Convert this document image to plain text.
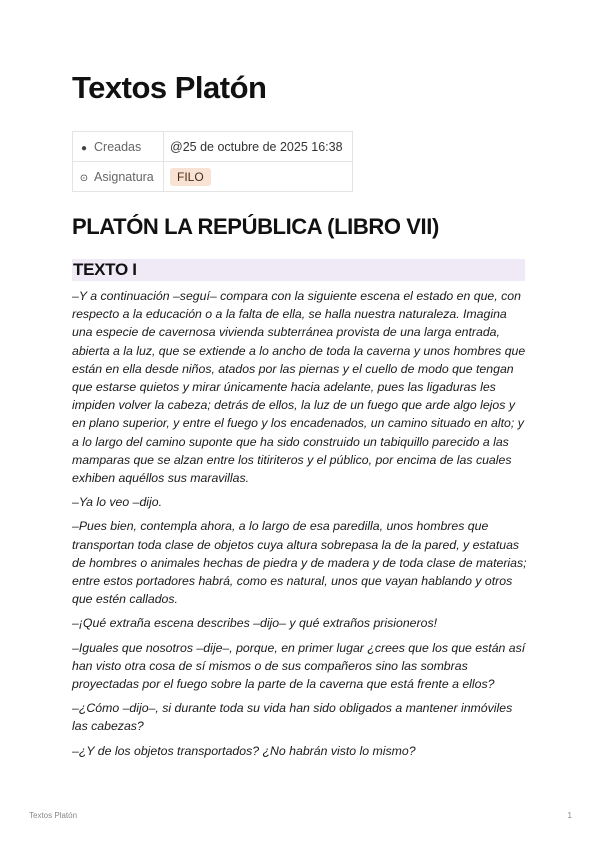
Textos Platón
● Creadas	@25 de octubre de 2025 16:38
⊙ Asignatura	FILO
PLATÓN LA REPÚBLICA (LIBRO VII)
TEXTO I

–Y a continuación –seguí– compara con la siguiente escena el estado en que, con respecto a la educación o a la falta de ella, se halla nuestra naturaleza. Imagina una especie de cavernosa vivienda subterránea provista de una larga entrada, abierta a la luz, que se extiende a lo ancho de toda la caverna y unos hombres que están en ella desde niños, atados por las piernas y el cuello de modo que tengan que estarse quietos y mirar únicamente hacia adelante, pues las ligaduras les impiden volver la cabeza; detrás de ellos, la luz de un fuego que arde algo lejos y en plano superior, y entre el fuego y los encadenados, un camino situado en alto; y a lo largo del camino suponte que ha sido construido un tabiquillo parecido a las mamparas que se alzan entre los titiriteros y el público, por encima de las cuales exhiben aquéllos sus maravillas.

–Ya lo veo –dijo.

–Pues bien, contempla ahora, a lo largo de esa paredilla, unos hombres que transportan toda clase de objetos cuya altura sobrepasa la de la pared, y estatuas de hombres o animales hechas de piedra y de madera y de toda clase de materias; entre estos portadores habrá, como es natural, unos que vayan hablando y otros que estén callados.

–¡Qué extraña escena describes –dijo– y qué extraños prisioneros!

–Iguales que nosotros –dije–, porque, en primer lugar ¿crees que los que están así han visto otra cosa de sí mismos o de sus compañeros sino las sombras proyectadas por el fuego sobre la parte de la caverna que está frente a ellos?

–¿Cómo –dijo–, si durante toda su vida han sido obligados a mantener inmóviles las cabezas?

–¿Y de los objetos transportados? ¿No habrán visto lo mismo?

Textos Platón	1
